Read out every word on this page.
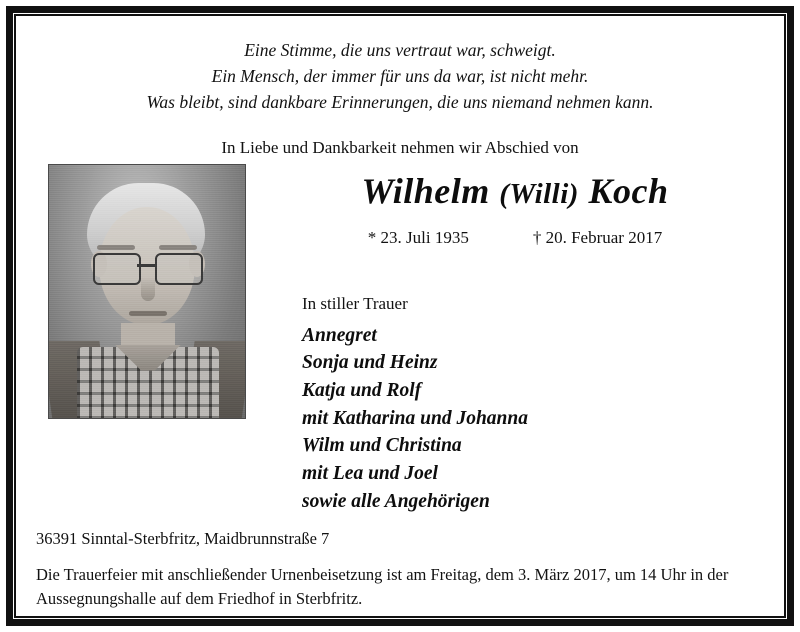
Eine Stimme, die uns vertraut war, schweigt.
Ein Mensch, der immer für uns da war, ist nicht mehr.
Was bleibt, sind dankbare Erinnerungen, die uns niemand nehmen kann.
In Liebe und Dankbarkeit nehmen wir Abschied von
Wilhelm (Willi) Koch
* 23. Juli 1935	† 20. Februar 2017
In stiller Trauer
Annegret
Sonja und Heinz
Katja und Rolf
mit Katharina und Johanna
Wilm und Christina
mit Lea und Joel
sowie alle Angehörigen
36391 Sinntal-Sterbfritz, Maidbrunnstraße 7
Die Trauerfeier mit anschließender Urnenbeisetzung ist am Freitag, dem 3. März 2017, um 14 Uhr in der Aussegnungshalle auf dem Friedhof in Sterbfritz.
